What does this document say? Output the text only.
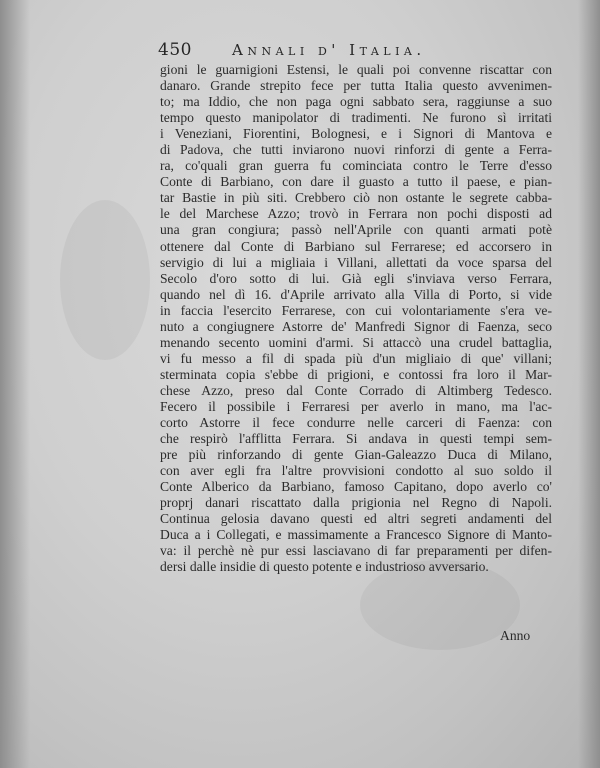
450	Annali d' Italia.
gioni le guarnigioni Estensi, le quali poi convenne riscattar con
danaro. Grande strepito fece per tutta Italia questo avvenimen-
to; ma Iddio, che non paga ogni sabbato sera, raggiunse a suo
tempo questo manipolator di tradimenti. Ne furono sì irritati
i Veneziani, Fiorentini, Bolognesi, e i Signori di Mantova e
di Padova, che tutti inviarono nuovi rinforzi di gente a Ferra-
ra, co'quali gran guerra fu cominciata contro le Terre d'esso
Conte di Barbiano, con dare il guasto a tutto il paese, e pian-
tar Bastie in più siti. Crebbero ciò non ostante le segrete cabba-
le del Marchese Azzo; trovò in Ferrara non pochi disposti ad
una gran congiura; passò nell'Aprile con quanti armati potè
ottenere dal Conte di Barbiano sul Ferrarese; ed accorsero in
servigio di lui a migliaia i Villani, allettati da voce sparsa del
Secolo d'oro sotto di lui. Già egli s'inviava verso Ferrara,
quando nel dì 16. d'Aprile arrivato alla Villa di Porto, si vide
in faccia l'esercito Ferrarese, con cui volontariamente s'era ve-
nuto a congiugnere Astorre de' Manfredi Signor di Faenza, seco
menando secento uomini d'armi. Si attaccò una crudel battaglia,
vi fu messo a fil di spada più d'un migliaio di que' villani;
sterminata copia s'ebbe di prigioni, e contossi fra loro il Mar-
chese Azzo, preso dal Conte Corrado di Altimberg Tedesco.
Fecero il possibile i Ferraresi per averlo in mano, ma l'ac-
corto Astorre il fece condurre nelle carceri di Faenza: con
che respirò l'afflitta Ferrara. Si andava in questi tempi sem-
pre più rinforzando di gente Gian-Galeazzo Duca di Milano,
con aver egli fra l'altre provvisioni condotto al suo soldo il
Conte Alberico da Barbiano, famoso Capitano, dopo averlo co'
proprj danari riscattato dalla prigionia nel Regno di Napoli.
Continua gelosia davano questi ed altri segreti andamenti del
Duca a i Collegati, e massimamente a Francesco Signore di Manto-
va: il perchè nè pur essi lasciavano di far preparamenti per difen-
dersi dalle insidie di questo potente e industrioso avversario.
Anno
